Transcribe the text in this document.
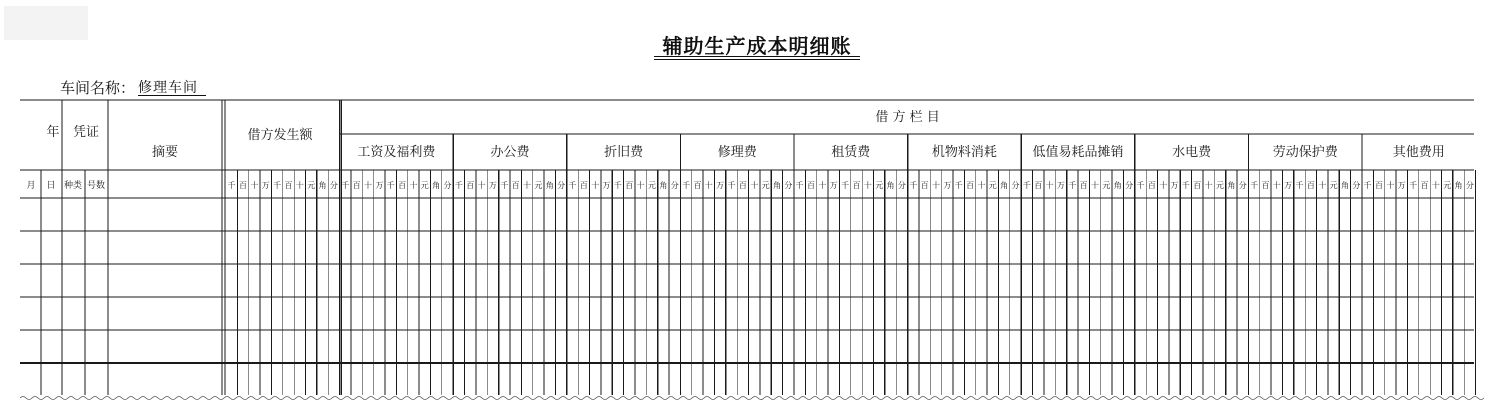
辅助生产成本明细账
车间名称： 修理车间
年 凭证
摘要
借方发生额
月 日 种类 号数
借 方 栏 目
千 百 十 万 千 百 十 元 角 分
工资及福利费
千 百 十 万 千 百 十 元 角 分
办公费
千 百 十 万 千 百 十 元 角 分
折旧费
千 百 十 万 千 百 十 元 角 分
修理费
千 百 十 万 千 百 十 元 角 分
租赁费
千 百 十 万 千 百 十 元 角 分
机物料消耗
千 百 十 万 千 百 十 元 角 分
低值易耗品摊销
千 百 十 万 千 百 十 元 角 分
水电费
千 百 十 万 千 百 十 元 角 分
劳动保护费
千 百 十 万 千 百 十 元 角 分
其他费用
千 百 十 万 千 百 十 元 角 分
